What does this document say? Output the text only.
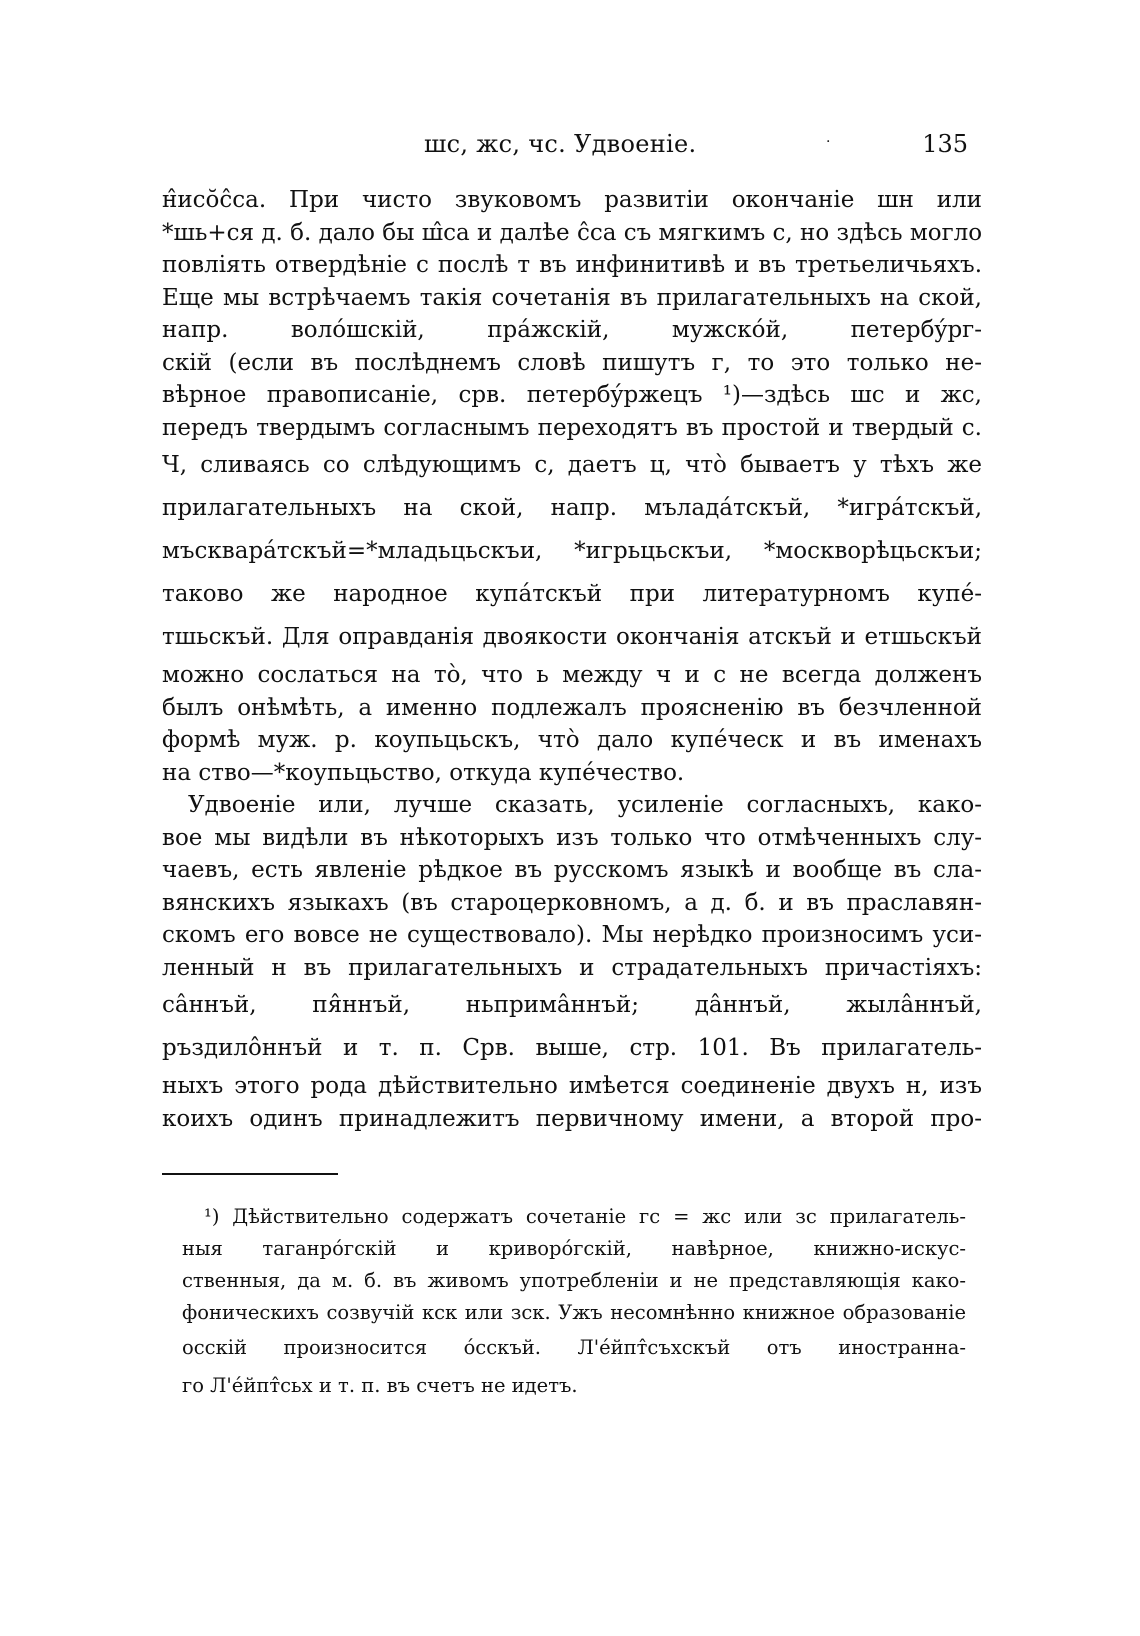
шс, жс, чс. Удвоеніе.	·	135
н̂исо̆с̂са. При чисто звуковомъ развитіи окончаніе шн или
*шь+ся д. б. дало бы ш̂са и далѣе с̂са съ мягкимъ с, но здѣсь могло
повліять отвердѣніе с послѣ т въ инфинитивѣ и въ третьеличьяхъ.
Еще мы встрѣчаемъ такія сочетанія въ прилагательныхъ на ской,
напр. волóшскій, прáжскій, мужскóй, петербýрг-
скій (если въ послѣднемъ словѣ пишутъ г, то это только не-
вѣрное правописаніе, срв. петербýржецъ ¹)—здѣсь шс и жс,
передъ твердымъ согласнымъ переходятъ въ простой и твердый с.
Ч, сливаясь со слѣдующимъ с, даетъ ц, что̀ бываетъ у тѣхъ же
прилагательныхъ на ской, напр. мъладáтскъй, *игрáтскъй,
мъскварáтскъй=*младьцьскъи, *игрьцьскъи, *москворѣцьскъи;
таково же народное купáтскъй при литературномъ купé-
тшьскъй. Для оправданія двоякости окончанія атскъй и етшьскъй
можно сослаться на то̀, что ь между ч и с не всегда долженъ
былъ онѣмѣть, а именно подлежалъ проясненію въ безчленной
формѣ муж. р. коупьцьскъ, что̀ дало купéческ и въ именахъ
на ство—*коупьцьство, откуда купéчество.
Удвоеніе или, лучше сказать, усиленіе согласныхъ, како-
вое мы видѣли въ нѣкоторыхъ изъ только что отмѣченныхъ слу-
чаевъ, есть явленіе рѣдкое въ русскомъ языкѣ и вообще въ сла-
вянскихъ языкахъ (въ староцерковномъ, а д. б. и въ праславян-
скомъ его вовсе не существовало). Мы нерѣдко произносимъ уси-
ленный н въ прилагательныхъ и страдательныхъ причастіяхъ:
са̂ннъй, пя̂ннъй, ньприма̂ннъй; да̂ннъй, жыла̂ннъй,
ръздило̂ннъй и т. п. Срв. выше, стр. 101. Въ прилагатель-
ныхъ этого рода дѣйствительно имѣется соединеніе двухъ н, изъ
коихъ одинъ принадлежитъ первичному имени, а второй про-
¹) Дѣйствительно содержатъ сочетаніе гс = жс или зс прилагатель-
ныя таганрóгскій и криворóгскій, навѣрное, книжно-искус-
ственныя, да м. б. въ живомъ употребленіи и не представляющія како-
фоническихъ созвучій кск или зск. Ужъ несомнѣнно книжное образованіе
осскій произносится óсскъй. Л'éйпт̂съхскъй отъ иностранна-
го Л'éйпт̂сьх и т. п. въ счетъ не идетъ.
